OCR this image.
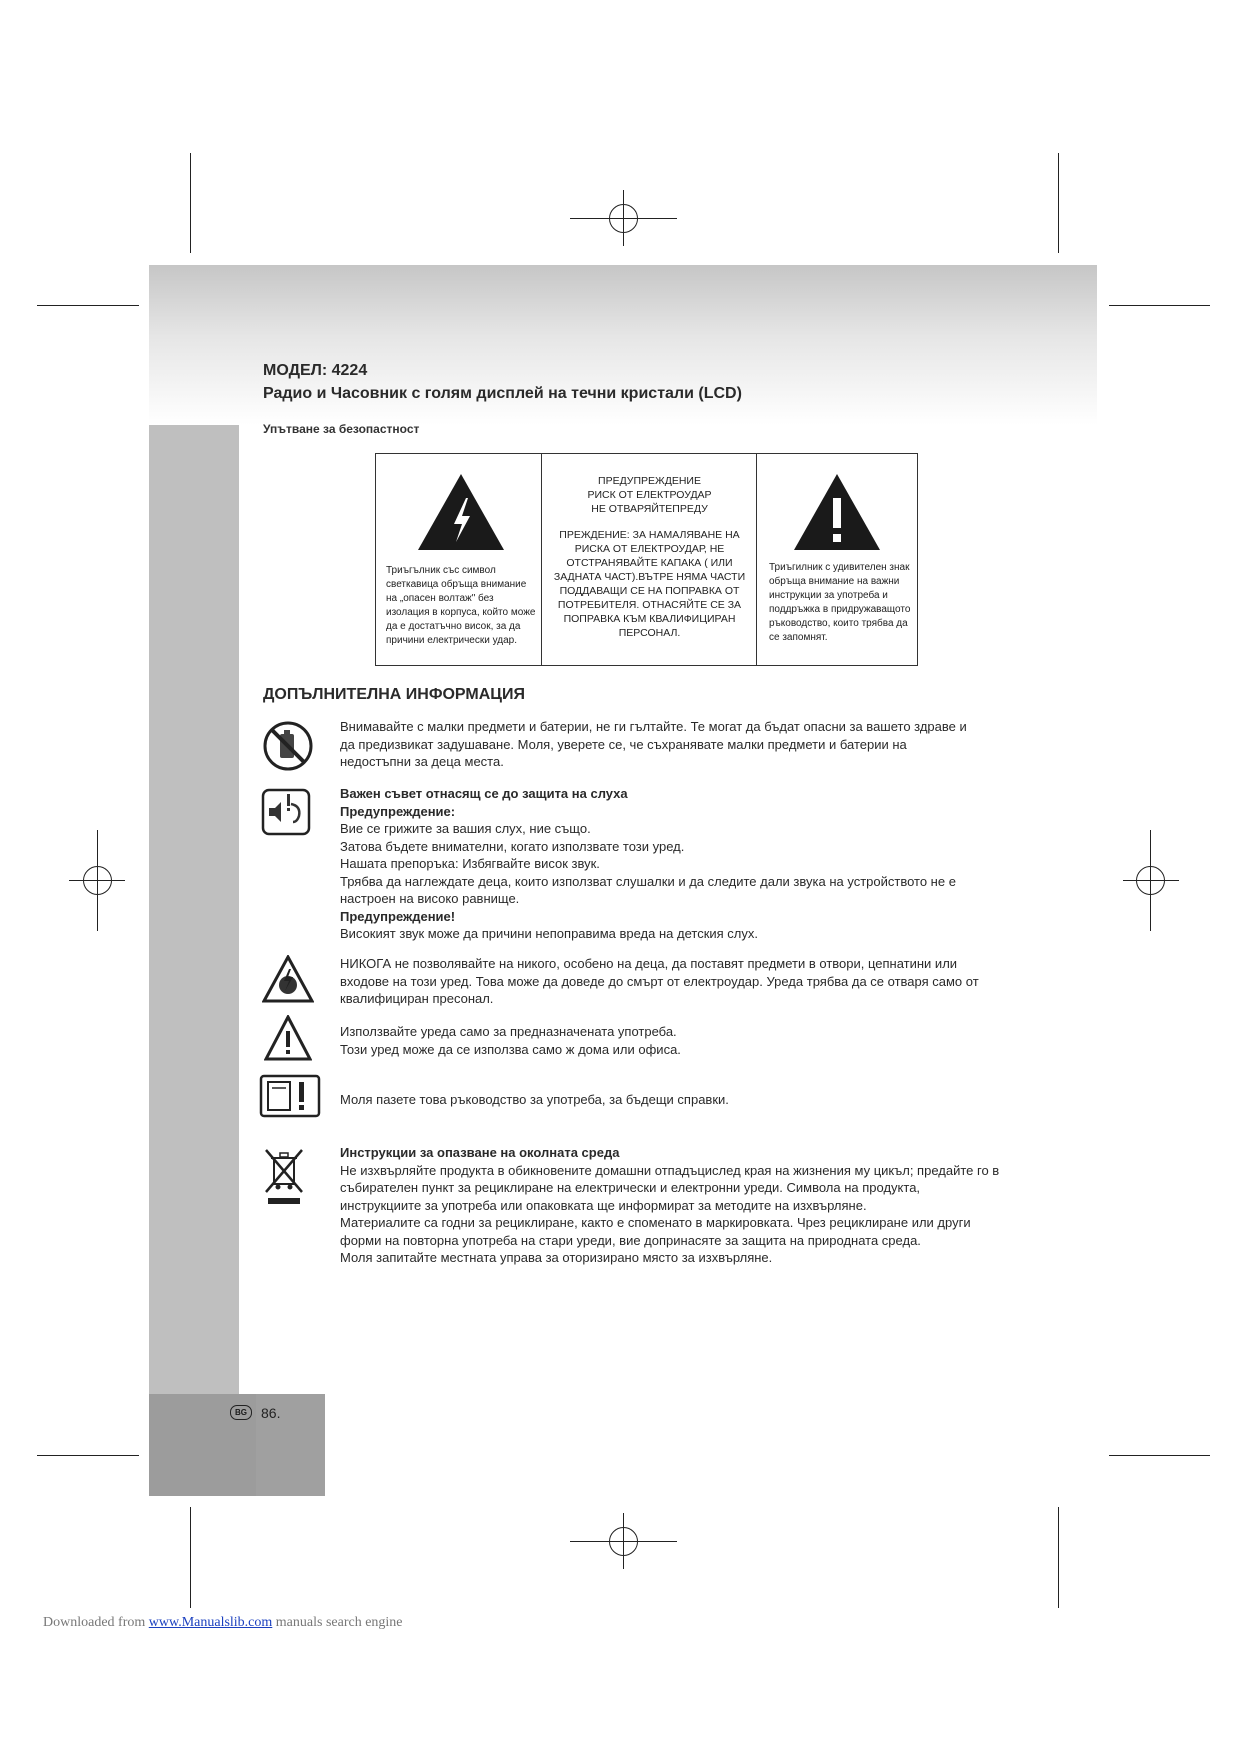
МОДЕЛ: 4224
Радио и Часовник с голям дисплей на течни кристали (LCD)
Упътване за безопастност
Триъгълник със символ светкавица обръща внимание на „опасен волтаж" без изолация в корпуса, който може да е достатъчно висок, за да причини електрически удар.
ПРЕДУПРЕЖДЕНИЕ
РИСК ОТ ЕЛЕКТРОУДАР
НЕ ОТВАРЯЙТЕПРЕДУ
ПРЕЖДЕНИЕ: ЗА НАМАЛЯВАНЕ НА РИСКА ОТ ЕЛЕКТРОУДАР, НЕ ОТСТРАНЯВАЙТЕ КАПАКА ( ИЛИ ЗАДНАТА ЧАСТ).ВЪТРЕ НЯМА ЧАСТИ ПОДДАВАЩИ СЕ НА ПОПРАВКА ОТ ПОТРЕБИТЕЛЯ. ОТНАСЯЙТЕ СЕ ЗА ПОПРАВКА КЪМ КВАЛИФИЦИРАН ПЕРСОНАЛ.
Триъгилник с удивителен знак обръща внимание на важни инструкции за употреба и поддръжка в придружаващото ръководство, които трябва да се запомнят.
ДОПЪЛНИТЕЛНА ИНФОРМАЦИЯ
Внимавайте с малки предмети и батерии, не ги гълтайте. Те могат да бъдат опасни за вашето здраве и да предизвикат задушаване. Моля, уверете се, че съхранявате малки предмети и батерии на недостъпни за деца места.
Важен съвет отнасящ се до защита на слуха
Предупреждение:
Вие се грижите за вашия слух, ние също.
Затова бъдете внимателни, когато използвате този уред.
Нашата препоръка: Избягвайте висок звук.
Трябва да наглеждате деца, които използват слушалки и да следите дали звука на устройството не е настроен на високо равнище.
Предупреждение!
Високият звук може да причини непоправима вреда на детския слух.
НИКОГА не позволявайте на никого, особено на деца, да поставят предмети в отвори, цепнатини или входове на този уред. Това може да доведе до смърт от електроудар. Уреда трябва да се отваря само от квалифициран пресонал.
Използвайте уреда само за предназначената употреба.
Този уред може да се използва само ж дома или офиса.
Моля пазете това ръководство за употреба, за бъдещи справки.
Инструкции за опазване на околната среда
Не изхвърляйте продукта в обикновените домашни отпадъцислед края на жизнения му цикъл; предайте го в събирателен пункт за рециклиране на електрически и електронни уреди. Символа на продукта, инструкциите за употреба или опаковката ще информират за методите на изхвърляне.
Материалите са годни за рециклиране, както е споменато в маркировката. Чрез рециклиране или други форми на повторна употреба на стари уреди, вие допринасяте за защита на природната среда.
Моля запитайте местната управа за оторизирано място за изхвърляне.
BG	86.
Downloaded from www.Manualslib.com manuals search engine
